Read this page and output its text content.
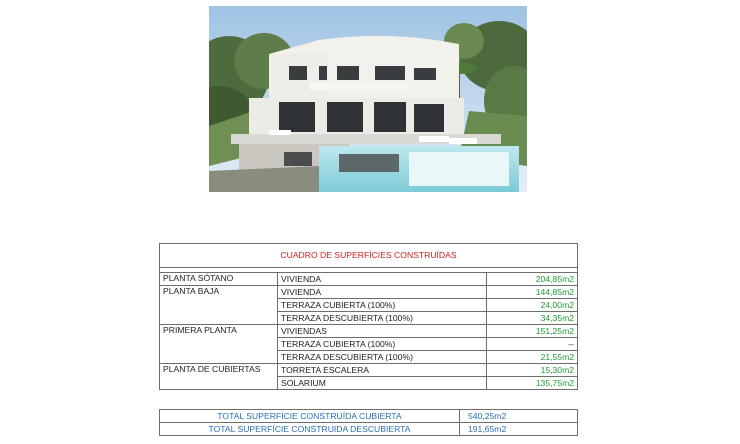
CUADRO DE SUPERFÍCIES CONSTRUÍDAS		

PLANTA SÓTANO	VIVIENDA	204,85m2
PLANTA BAJA	VIVIENDA	144,85m2
	TERRAZA CUBIERTA (100%)	24,00m2
	TERRAZA DESCUBIERTA (100%)	34,35m2
PRIMERA PLANTA	VIVIENDAS	151,25m2
	TERRAZA CUBIERTA (100%)	--
	TERRAZA DESCUBIERTA (100%)	21,55m2
PLANTA DE CUBIERTAS	TORRETA ESCALERA	15,30m2
	SOLARIUM	135,75m2
TOTAL SUPERFÍCIE CONSTRUÍDA CUBIERTA	540,25m2
TOTAL SUPERFÍCIE CONSTRUIDA DESCUBIERTA	191,65m2
